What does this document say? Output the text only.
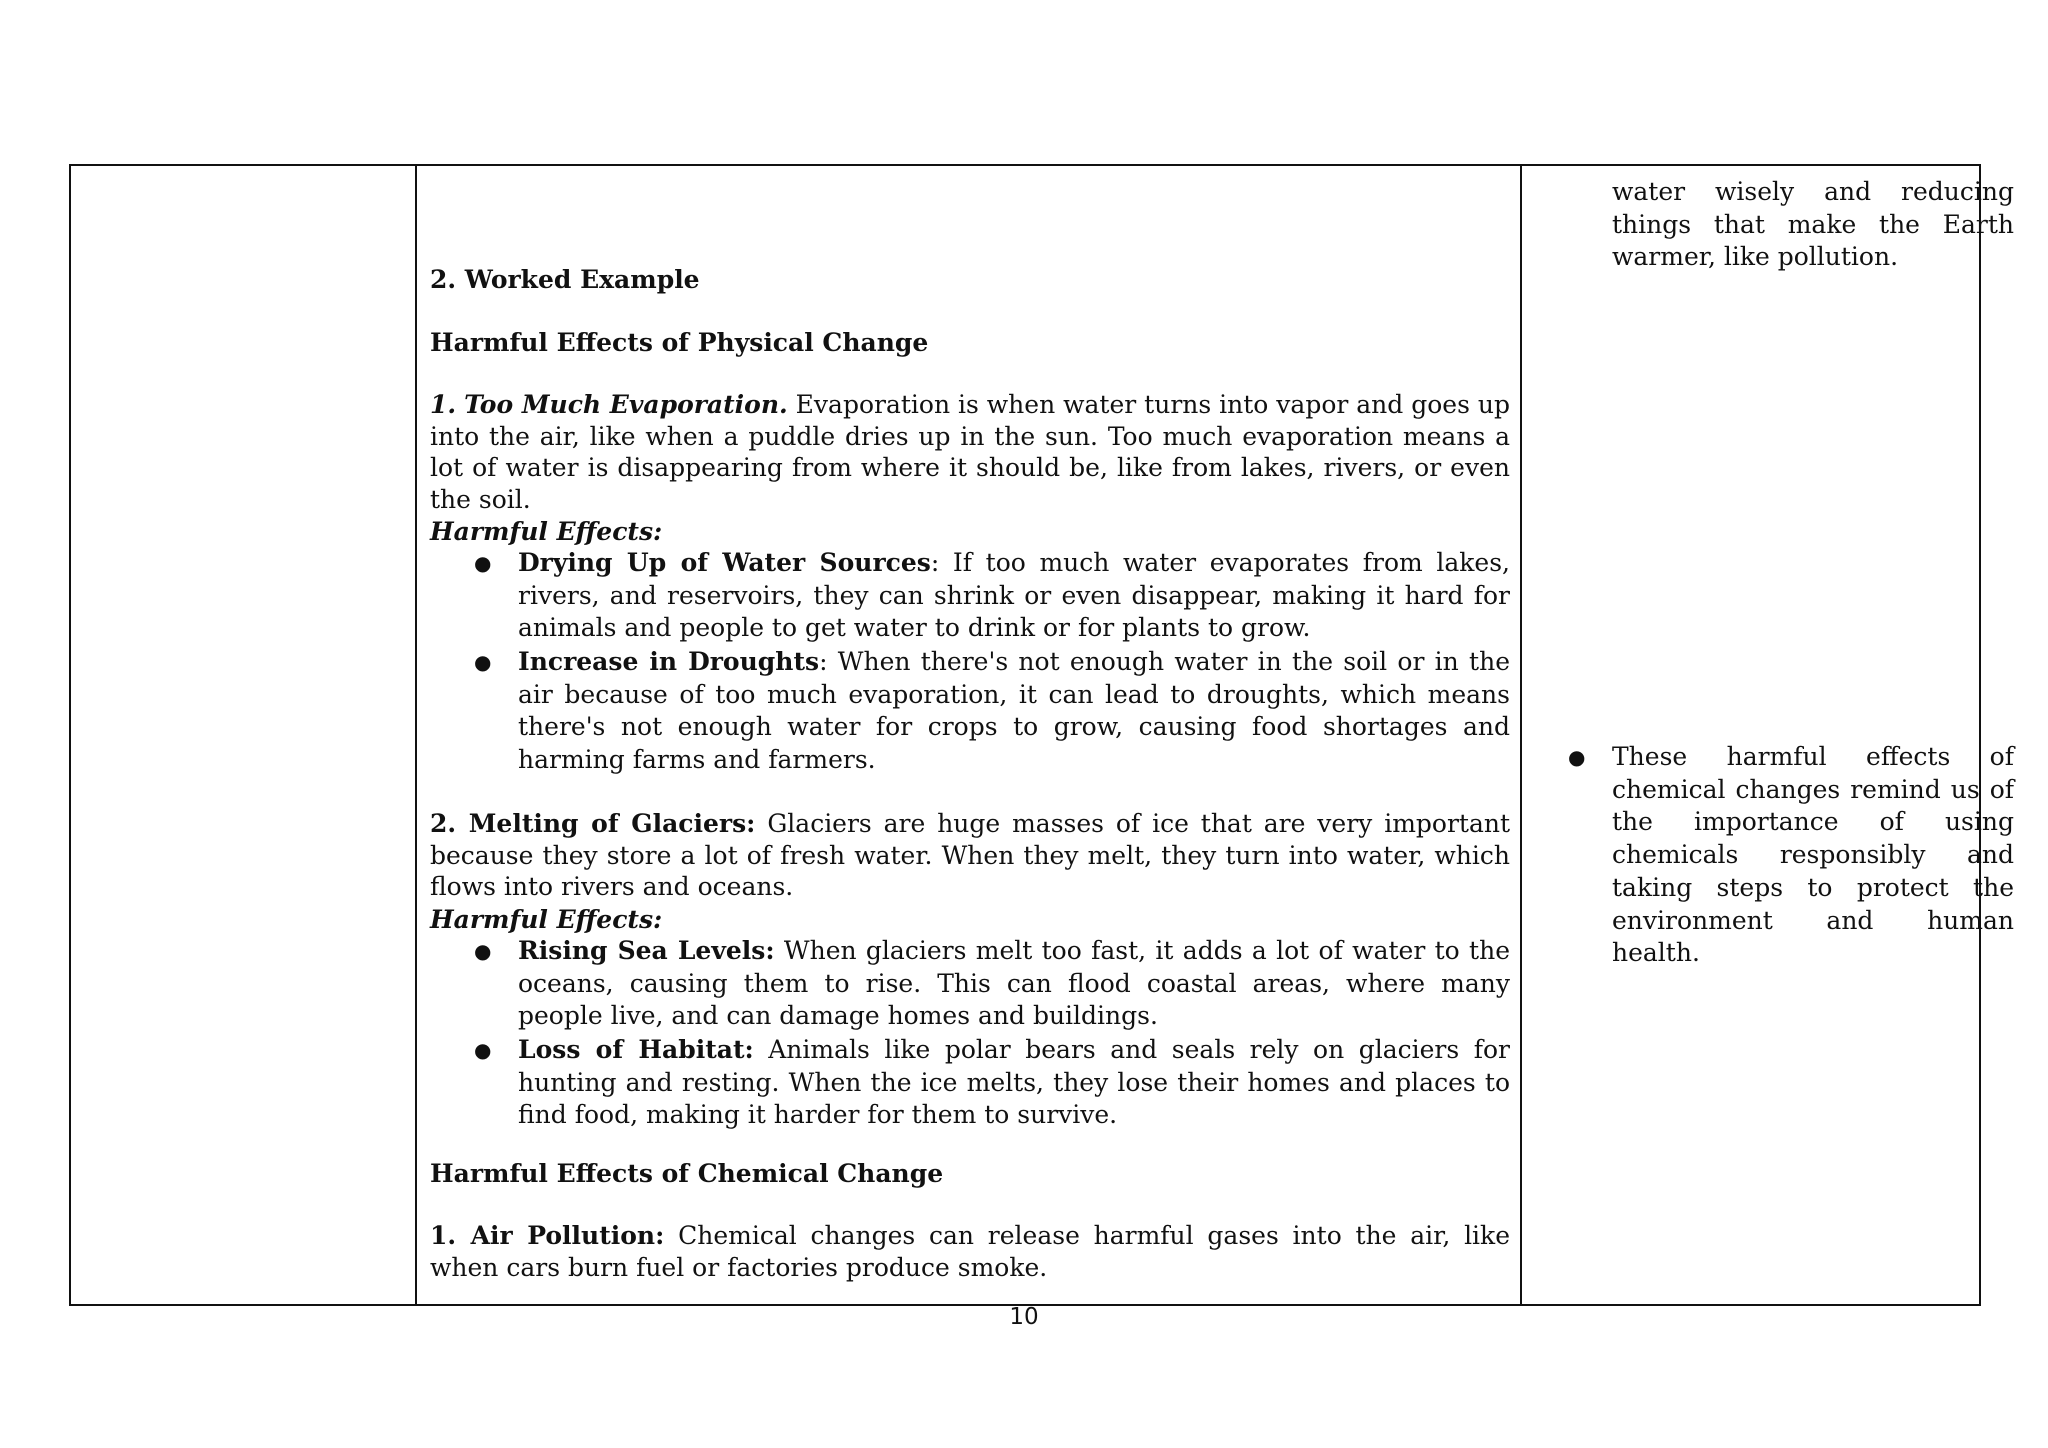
2. Worked Example

Harmful Effects of Physical Change

1. Too Much Evaporation. Evaporation is when water turns into vapor and goes up into the air, like when a puddle dries up in the sun. Too much evaporation means a lot of water is disappearing from where it should be, like from lakes, rivers, or even the soil.

Harmful Effects:

● Drying Up of Water Sources: If too much water evaporates from lakes, rivers, and reservoirs, they can shrink or even disappear, making it hard for animals and people to get water to drink or for plants to grow.

● Increase in Droughts: When there's not enough water in the soil or in the air because of too much evaporation, it can lead to droughts, which means there's not enough water for crops to grow, causing food shortages and harming farms and farmers.

2. Melting of Glaciers: Glaciers are huge masses of ice that are very important because they store a lot of fresh water. When they melt, they turn into water, which flows into rivers and oceans.

Harmful Effects:

● Rising Sea Levels: When glaciers melt too fast, it adds a lot of water to the oceans, causing them to rise. This can flood coastal areas, where many people live, and can damage homes and buildings.

● Loss of Habitat: Animals like polar bears and seals rely on glaciers for hunting and resting. When the ice melts, they lose their homes and places to find food, making it harder for them to survive.

Harmful Effects of Chemical Change

1. Air Pollution: Chemical changes can release harmful gases into the air, like when cars burn fuel or factories produce smoke.

water wisely and reducing things that make the Earth warmer, like pollution.

● These harmful effects of chemical changes remind us of the importance of using chemicals responsibly and taking steps to protect the environment and human health.

10
